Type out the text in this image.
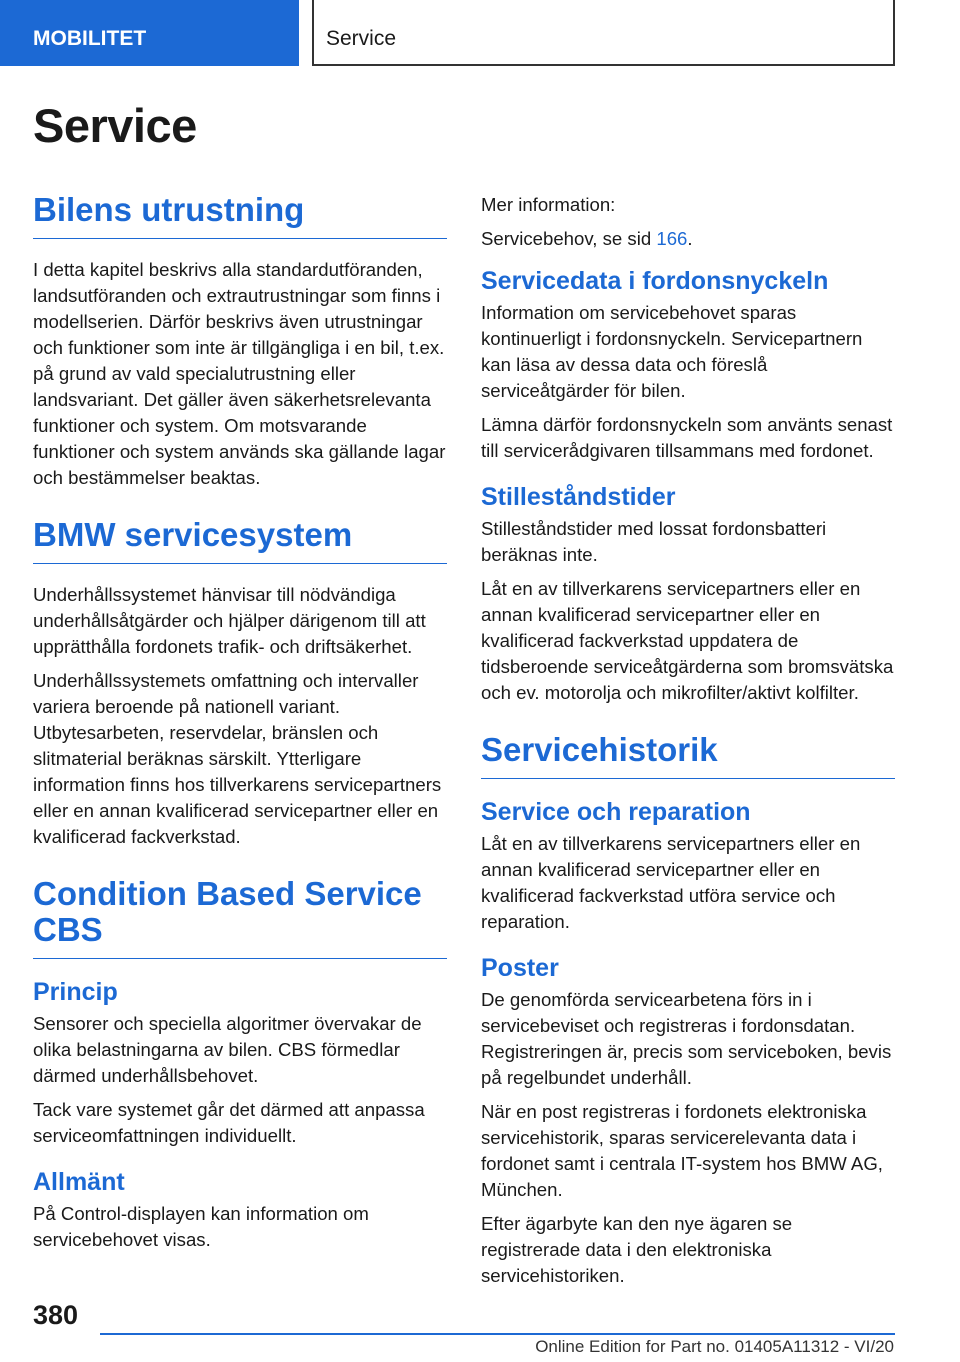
MOBILITET	Service
Service
Bilens utrustning

I detta kapitel beskrivs alla standardutföranden, landsutföranden och extrautrustningar som finns i modellserien. Därför beskrivs även utrustningar och funktioner som inte är tillgängliga i en bil, t.ex. på grund av vald specialutrustning eller landsvariant. Det gäller även säkerhetsrelevanta funktioner och system. Om motsvarande funktioner och system används ska gällande lagar och bestämmelser beaktas.

BMW servicesystem

Underhållssystemet hänvisar till nödvändiga underhållsåtgärder och hjälper därigenom till att upprätthålla fordonets trafik- och driftsäkerhet.

Underhållssystemets omfattning och intervaller variera beroende på nationell variant. Utbytesarbeten, reservdelar, bränslen och slitmaterial beräknas särskilt. Ytterligare information finns hos tillverkarens servicepartners eller en annan kvalificerad servicepartner eller en kvalificerad fackverkstad.

Condition Based Service CBS
Princip

Sensorer och speciella algoritmer övervakar de olika belastningarna av bilen. CBS förmedlar därmed underhållsbehovet.

Tack vare systemet går det därmed att anpassa serviceomfattningen individuellt.

Allmänt

På Control-displayen kan information om servicebehovet visas.

Mer information:

Servicebehov, se sid 166.

Servicedata i fordonsnyckeln

Information om servicebehovet sparas kontinuerligt i fordonsnyckeln. Servicepartnern kan läsa av dessa data och föreslå serviceåtgärder för bilen.

Lämna därför fordonsnyckeln som använts senast till servicerådgivaren tillsammans med fordonet.

Stilleståndstider

Stilleståndstider med lossat fordonsbatteri beräknas inte.

Låt en av tillverkarens servicepartners eller en annan kvalificerad servicepartner eller en kvalificerad fackverkstad uppdatera de tidsberoende serviceåtgärderna som bromsvätska och ev. motorolja och mikrofilter/aktivt kolfilter.

Servicehistorik
Service och reparation

Låt en av tillverkarens servicepartners eller en annan kvalificerad servicepartner eller en kvalificerad fackverkstad utföra service och reparation.

Poster

De genomförda servicearbetena förs in i servicebeviset och registreras i fordonsdatan. Registreringen är, precis som serviceboken, bevis på regelbundet underhåll.

När en post registreras i fordonets elektroniska servicehistorik, sparas servicerelevanta data i fordonet samt i centrala IT-system hos BMW AG, München.

Efter ägarbyte kan den nye ägaren se registrerade data i den elektroniska servicehistoriken.

380
Online Edition for Part no. 01405A11312 - VI/20
